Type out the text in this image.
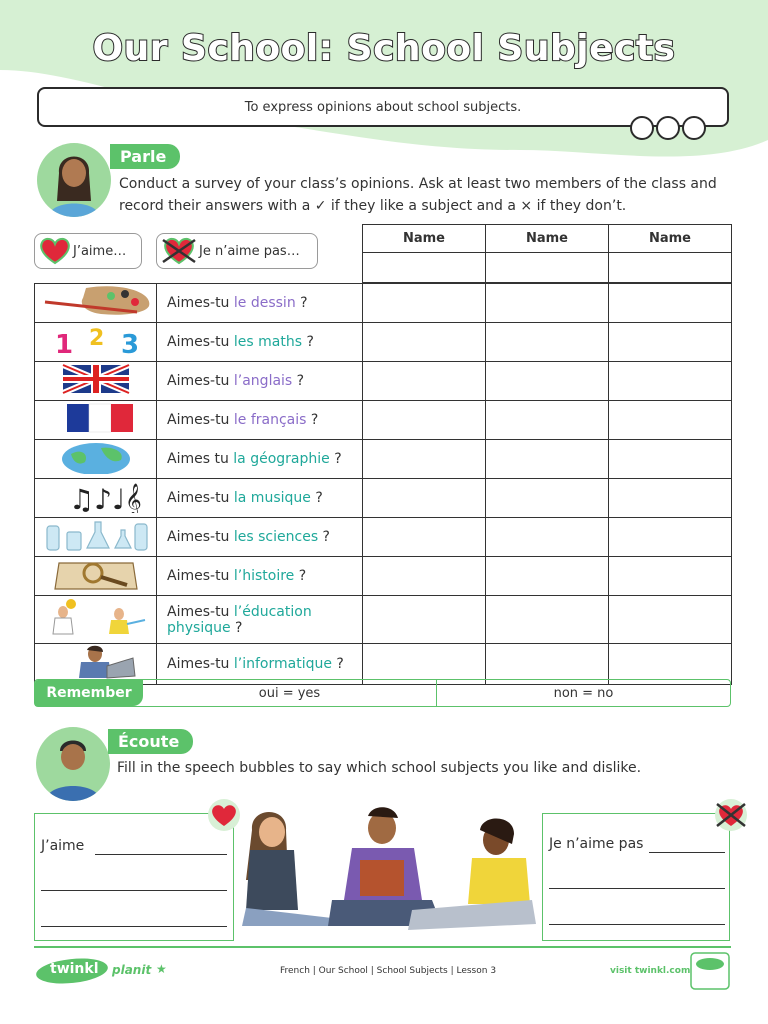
Our School: School Subjects
To express opinions about school subjects.
Parle
Conduct a survey of your class’s opinions. Ask at least two members of the class and
record their answers with a ✓ if they like a subject and a × if they don’t.
J’aime…	Je n’aime pas…
Name	Name	Name

	Aimes-tu le dessin ?			

1 2 3	Aimes-tu les maths ?			
	Aimes-tu l’anglais ?			
	Aimes-tu le français ?			
	Aimes tu la géographie ?			

♫♪♩𝄞	Aimes-tu la musique ?			
	Aimes-tu les sciences ?			
	Aimes-tu l’histoire ?			
	Aimes-tu l’éducation physique ?			
	Aimes-tu l’informatique ?			
Remember	oui = yes	non = no
Écoute
Fill in the speech bubbles to say which school subjects you like and dislike.
J’aime	Je n’aime pas
twinkl planit ★	French | Our School | School Subjects | Lesson 3	visit twinkl.com
